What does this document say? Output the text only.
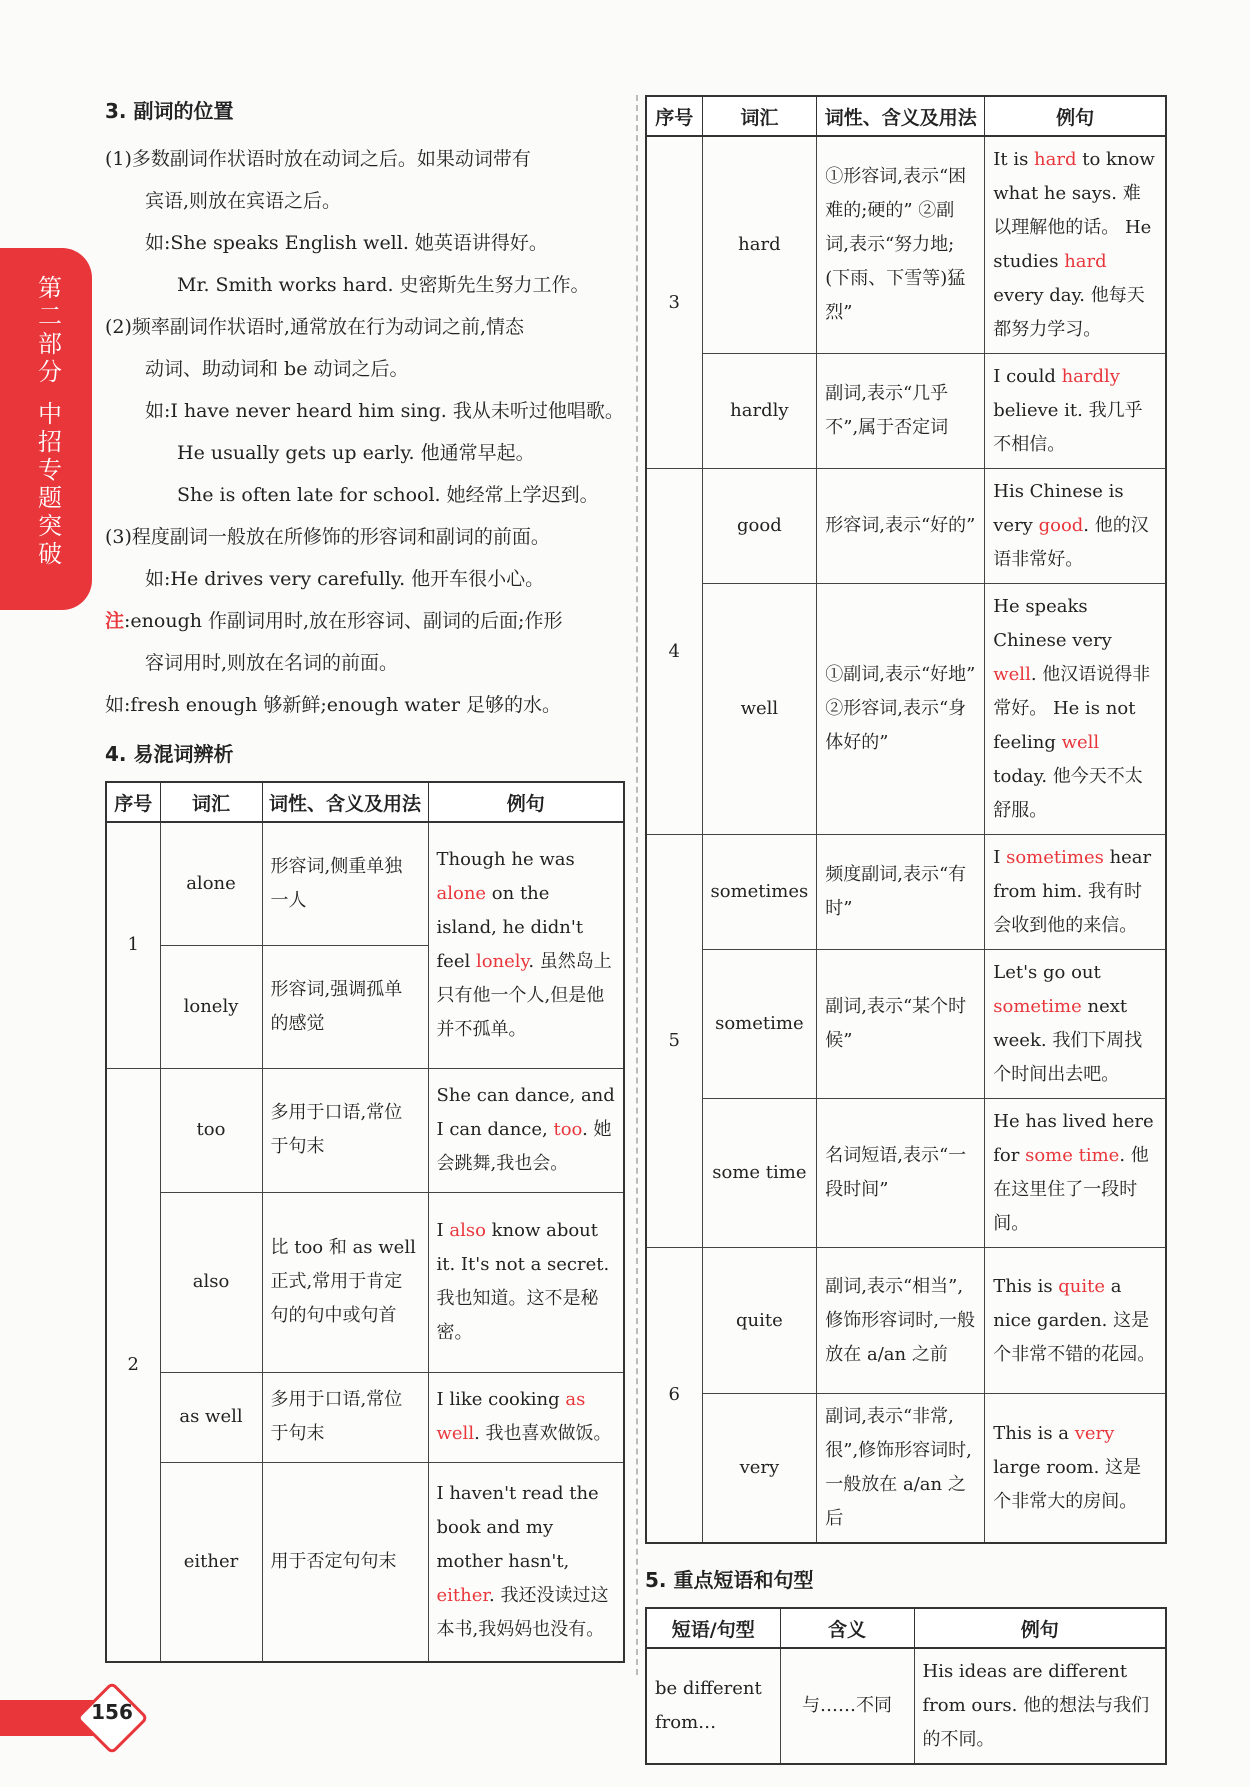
第二部分
中招专题突破
3. 副词的位置
(1)多数副词作状语时放在动词之后。如果动词带有
宾语,则放在宾语之后。
如:She speaks English well. 她英语讲得好。
Mr. Smith works hard. 史密斯先生努力工作。
(2)频率副词作状语时,通常放在行为动词之前,情态
动词、助动词和 be 动词之后。
如:I have never heard him sing. 我从未听过他唱歌。
He usually gets up early. 他通常早起。
She is often late for school. 她经常上学迟到。
(3)程度副词一般放在所修饰的形容词和副词的前面。
如:He drives very carefully. 他开车很小心。
注:enough 作副词用时,放在形容词、副词的后面;作形
容词用时,则放在名词的前面。
如:fresh enough 够新鲜;enough water 足够的水。
4. 易混词辨析
序号	词汇	词性、含义及用法	例句
1	alone	形容词,侧重单独一人	Though he was alone on the island, he didn't feel lonely. 虽然岛上只有他一个人,但是他并不孤单。
	lonely	形容词,强调孤单的感觉	
2	too	多用于口语,常位于句末	She can dance, and I can dance, too. 她会跳舞,我也会。
	also	比 too 和 as well 正式,常用于肯定句的句中或句首	I also know about it. It's not a secret. 我也知道。这不是秘密。
	as well	多用于口语,常位于句末	I like cooking as well. 我也喜欢做饭。
	either	用于否定句句末	I haven't read the book and my mother hasn't, either. 我还没读过这本书,我妈妈也没有。
序号	词汇	词性、含义及用法	例句
3	hard	①形容词,表示“困难的;硬的” ②副词,表示“努力地;(下雨、下雪等)猛烈”	It is hard to know what he says. 难以理解他的话。 He studies hard every day. 他每天都努力学习。
	hardly	副词,表示“几乎不”,属于否定词	I could hardly believe it. 我几乎不相信。
4	good	形容词,表示“好的”	His Chinese is very good. 他的汉语非常好。
	well	①副词,表示“好地” ②形容词,表示“身体好的”	He speaks Chinese very well. 他汉语说得非常好。 He is not feeling well today. 他今天不太舒服。
5	sometimes	频度副词,表示“有时”	I sometimes hear from him. 我有时会收到他的来信。
	sometime	副词,表示“某个时候”	Let's go out sometime next week. 我们下周找个时间出去吧。
	some time	名词短语,表示“一段时间”	He has lived here for some time. 他在这里住了一段时间。
6	quite	副词,表示“相当”,修饰形容词时,一般放在 a/an 之前	This is quite a nice garden. 这是个非常不错的花园。
	very	副词,表示“非常,很”,修饰形容词时,一般放在 a/an 之后	This is a very large room. 这是个非常大的房间。
5. 重点短语和句型
短语/句型	含义	例句
be different from…	与……不同	His ideas are different from ours. 他的想法与我们的不同。
156
